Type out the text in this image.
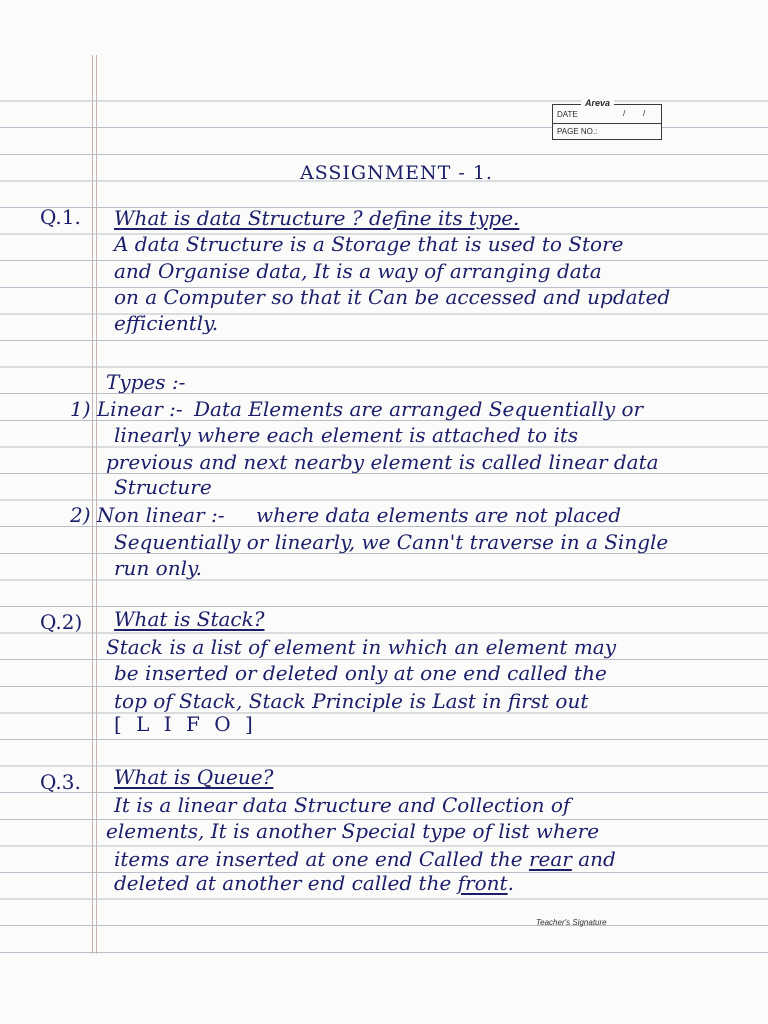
Areva
DATE	/ /
PAGE NO.:
ASSIGNMENT - 1.
Q.1. What is data Structure ? define its type.
A data Structure is a Storage that is used to Store
and Organise data, It is a way of arranging data
on a Computer so that it Can be accessed and updated
efficiently.
Types :-
1) Linear :- Data Elements are arranged Sequentially or
linearly where each element is attached to its
previous and next nearby element is called linear data
Structure
2) Non linear :- where data elements are not placed
Sequentially or linearly, we Cann't traverse in a Single
run only.
Q.2) What is Stack?
Stack is a list of element in which an element may
be inserted or deleted only at one end called the
top of Stack, Stack Principle is Last in first out
[ L I F O ]
Q.3. What is Queue?
It is a linear data Structure and Collection of
elements, It is another Special type of list where
items are inserted at one end Called the rear and
deleted at another end called the front.
Teacher's Signature
